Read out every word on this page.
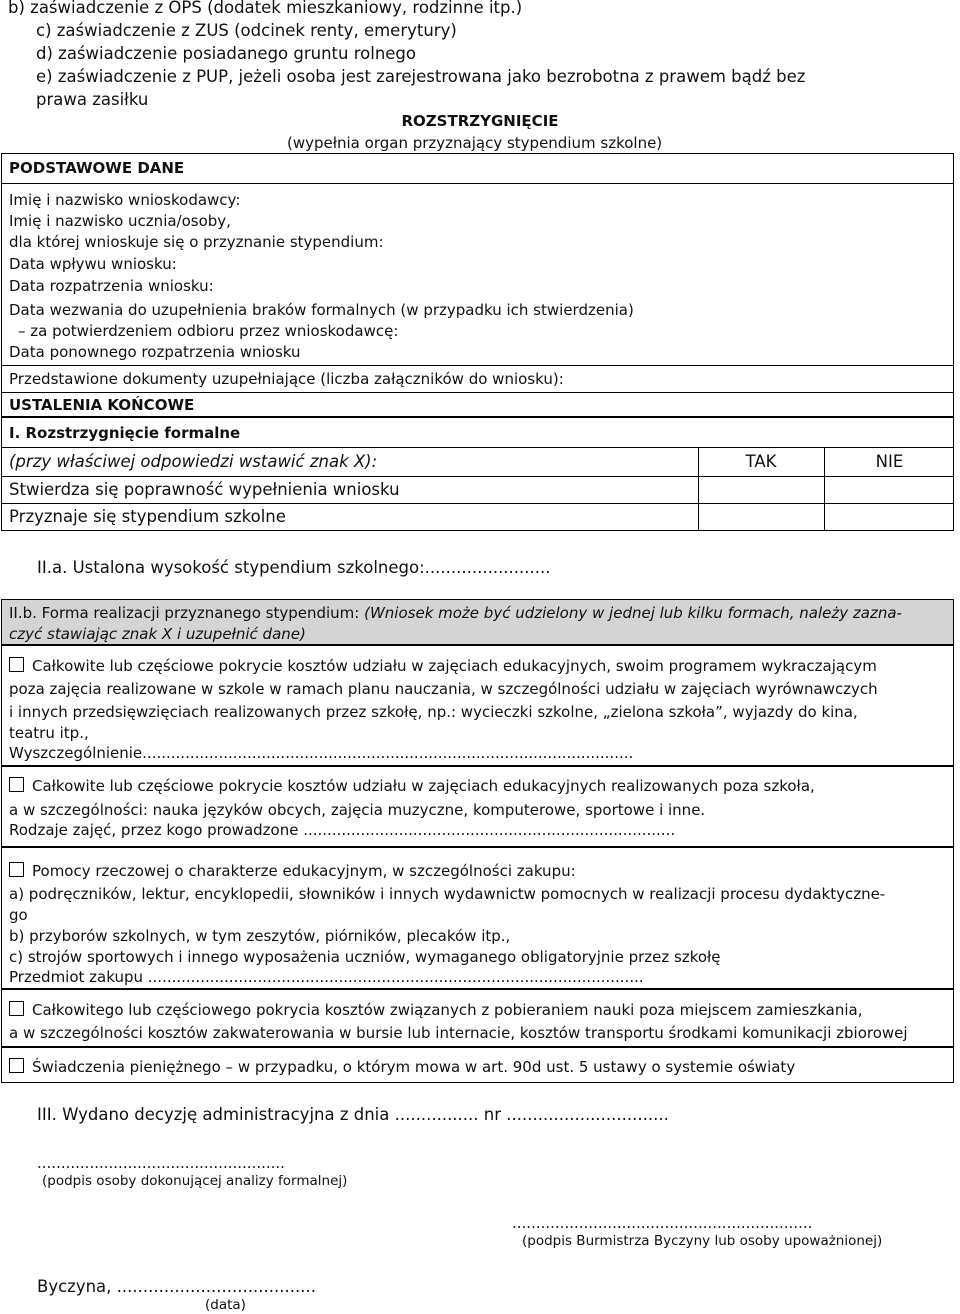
b) zaświadczenie z OPS (dodatek mieszkaniowy, rodzinne itp.)
c) zaświadczenie z ZUS (odcinek renty, emerytury)
d) zaświadczenie posiadanego gruntu rolnego
e) zaświadczenie z PUP, jeżeli osoba jest zarejestrowana jako bezrobotna z prawem bądź bez
prawa zasiłku
ROZSTRZYGNIĘCIE
(wypełnia organ przyznający stypendium szkolne)
PODSTAWOWE DANE
Imię i nazwisko wnioskodawcy:
Imię i nazwisko ucznia/osoby,
dla której wnioskuje się o przyznanie stypendium:
Data wpływu wniosku:
Data rozpatrzenia wniosku:
Data wezwania do uzupełnienia braków formalnych (w przypadku ich stwierdzenia)
– za potwierdzeniem odbioru przez wnioskodawcę:
Data ponownego rozpatrzenia wniosku
Przedstawione dokumenty uzupełniające (liczba załączników do wniosku):
USTALENIA KOŃCOWE
I. Rozstrzygnięcie formalne
(przy właściwej odpowiedzi wstawić znak X):	TAK	NIE
Stwierdza się poprawność wypełnienia wniosku
Przyznaje się stypendium szkolne
II.a. Ustalona wysokość stypendium szkolnego:........................
II.b. Forma realizacji przyznanego stypendium: (Wniosek może być udzielony w jednej lub kilku formach, należy zazna-
czyć stawiając znak X i uzupełnić dane)
Całkowite lub częściowe pokrycie kosztów udziału w zajęciach edukacyjnych, swoim programem wykraczającym
poza zajęcia realizowane w szkole w ramach planu nauczania, w szczególności udziału w zajęciach wyrównawczych
i innych przedsięwzięciach realizowanych przez szkołę, np.: wycieczki szkolne, „zielona szkoła”, wyjazdy do kina,
teatru itp.,
Wyszczególnienie.......................................................................................................
Całkowite lub częściowe pokrycie kosztów udziału w zajęciach edukacyjnych realizowanych poza szkoła,
a w szczególności: nauka języków obcych, zajęcia muzyczne, komputerowe, sportowe i inne.
Rodzaje zajęć, przez kogo prowadzone ..............................................................................
Pomocy rzeczowej o charakterze edukacyjnym, w szczególności zakupu:
a) podręczników, lektur, encyklopedii, słowników i innych wydawnictw pomocnych w realizacji procesu dydaktyczne-
go
b) przyborów szkolnych, w tym zeszytów, piórników, plecaków itp.,
c) strojów sportowych i innego wyposażenia uczniów, wymaganego obligatoryjnie przez szkołę
Przedmiot zakupu ........................................................................................................
Całkowitego lub częściowego pokrycia kosztów związanych z pobieraniem nauki poza miejscem zamieszkania,
a w szczególności kosztów zakwaterowania w bursie lub internacie, kosztów transportu środkami komunikacji zbiorowej
Świadczenia pieniężnego – w przypadku, o którym mowa w art. 90d ust. 5 ustawy o systemie oświaty
III. Wydano decyzję administracyjna z dnia ................ nr ...............................
....................................................
(podpis osoby dokonującej analizy formalnej)
...............................................................
(podpis Burmistrza Byczyny lub osoby upoważnionej)
Byczyna, ......................................
(data)
